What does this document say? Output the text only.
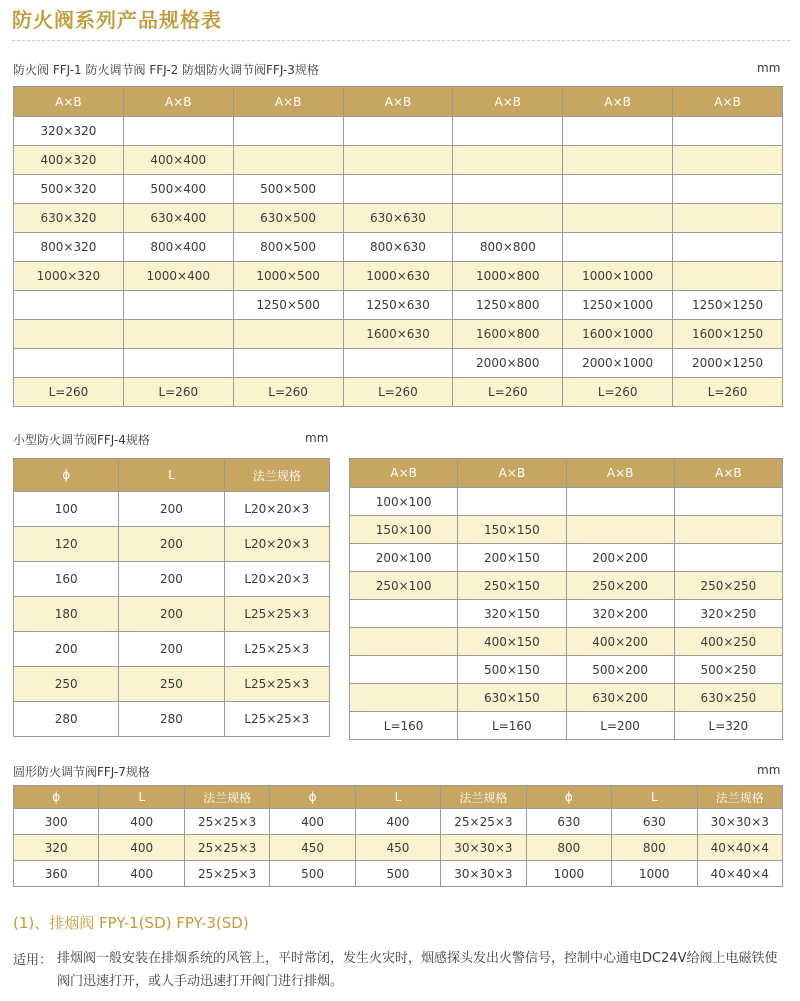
防火阀系列产品规格表
防火阀 FFJ-1 防火调节阀 FFJ-2 防烟防火调节阀FFJ-3规格	mm
A×B	A×B	A×B	A×B	A×B	A×B	A×B
320×320						
400×320	400×400					
500×320	500×400	500×500				
630×320	630×400	630×500	630×630			
800×320	800×400	800×500	800×630	800×800		
1000×320	1000×400	1000×500	1000×630	1000×800	1000×1000	
		1250×500	1250×630	1250×800	1250×1000	1250×1250
			1600×630	1600×800	1600×1000	1600×1250
				2000×800	2000×1000	2000×1250
L=260	L=260	L=260	L=260	L=260	L=260	L=260
小型防火调节阀FFJ-4规格	mm
ϕ	L	法兰规格
100	200	L20×20×3
120	200	L20×20×3
160	200	L20×20×3
180	200	L25×25×3
200	200	L25×25×3
250	250	L25×25×3
280	280	L25×25×3
A×B	A×B	A×B	A×B
100×100			
150×100	150×150		
200×100	200×150	200×200	
250×100	250×150	250×200	250×250
	320×150	320×200	320×250
	400×150	400×200	400×250
	500×150	500×200	500×250
	630×150	630×200	630×250
L=160	L=160	L=200	L=320
圆形防火调节阀FFJ-7规格	mm
ϕ	L	法兰规格	ϕ	L	法兰规格	ϕ	L	法兰规格
300	400	25×25×3	400	400	25×25×3	630	630	30×30×3
320	400	25×25×3	450	450	30×30×3	800	800	40×40×4
360	400	25×25×3	500	500	30×30×3	1000	1000	40×40×4
(1)、排烟阀 FPY-1(SD) FPY-3(SD)
适用： 排烟阀一般安装在排烟系统的风管上，平时常闭，发生火灾时，烟感探头发出火警信号，控制中心通电DC24V给阀上电磁铁使阀门迅速打开，或人手动迅速打开阀门进行排烟。
